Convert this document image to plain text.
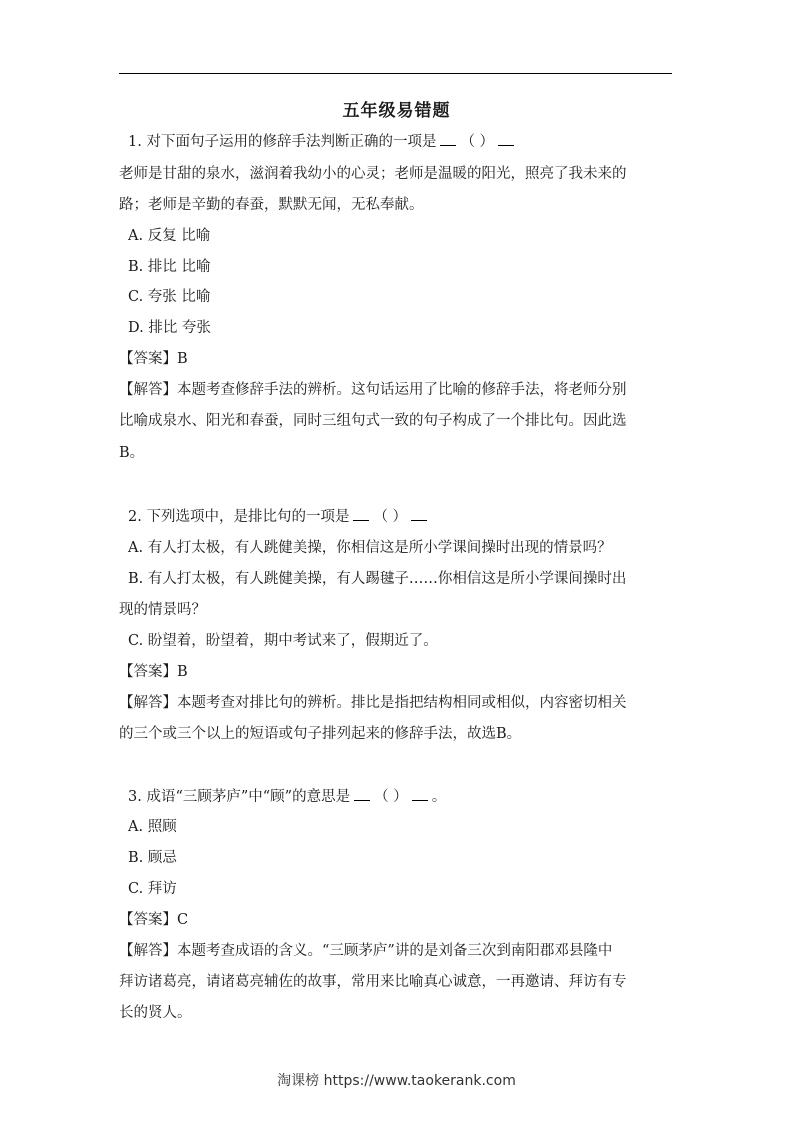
五年级易错题
1. 对下面句子运用的修辞手法判断正确的一项是 （ ）
老师是甘甜的泉水，滋润着我幼小的心灵；老师是温暖的阳光，照亮了我未来的
路；老师是辛勤的春蚕，默默无闻，无私奉献。
A. 反复 比喻
B. 排比 比喻
C. 夸张 比喻
D. 排比 夸张
【答案】B
【解答】本题考查修辞手法的辨析。这句话运用了比喻的修辞手法，将老师分别
比喻成泉水、阳光和春蚕，同时三组句式一致的句子构成了一个排比句。因此选
B。
2. 下列选项中，是排比句的一项是 （ ）
A. 有人打太极，有人跳健美操，你相信这是所小学课间操时出现的情景吗？
B. 有人打太极，有人跳健美操，有人踢毽子……你相信这是所小学课间操时出
现的情景吗？
C. 盼望着，盼望着，期中考试来了，假期近了。
【答案】B
【解答】本题考查对排比句的辨析。排比是指把结构相同或相似，内容密切相关
的三个或三个以上的短语或句子排列起来的修辞手法，故选B。
3. 成语“三顾茅庐”中“顾”的意思是 （ ） 。
A. 照顾
B. 顾忌
C. 拜访
【答案】C
【解答】本题考查成语的含义。“三顾茅庐”讲的是刘备三次到南阳郡邓县隆中
拜访诸葛亮，请诸葛亮辅佐的故事，常用来比喻真心诚意，一再邀请、拜访有专
长的贤人。
淘课榜 https://www.taokerank.com
